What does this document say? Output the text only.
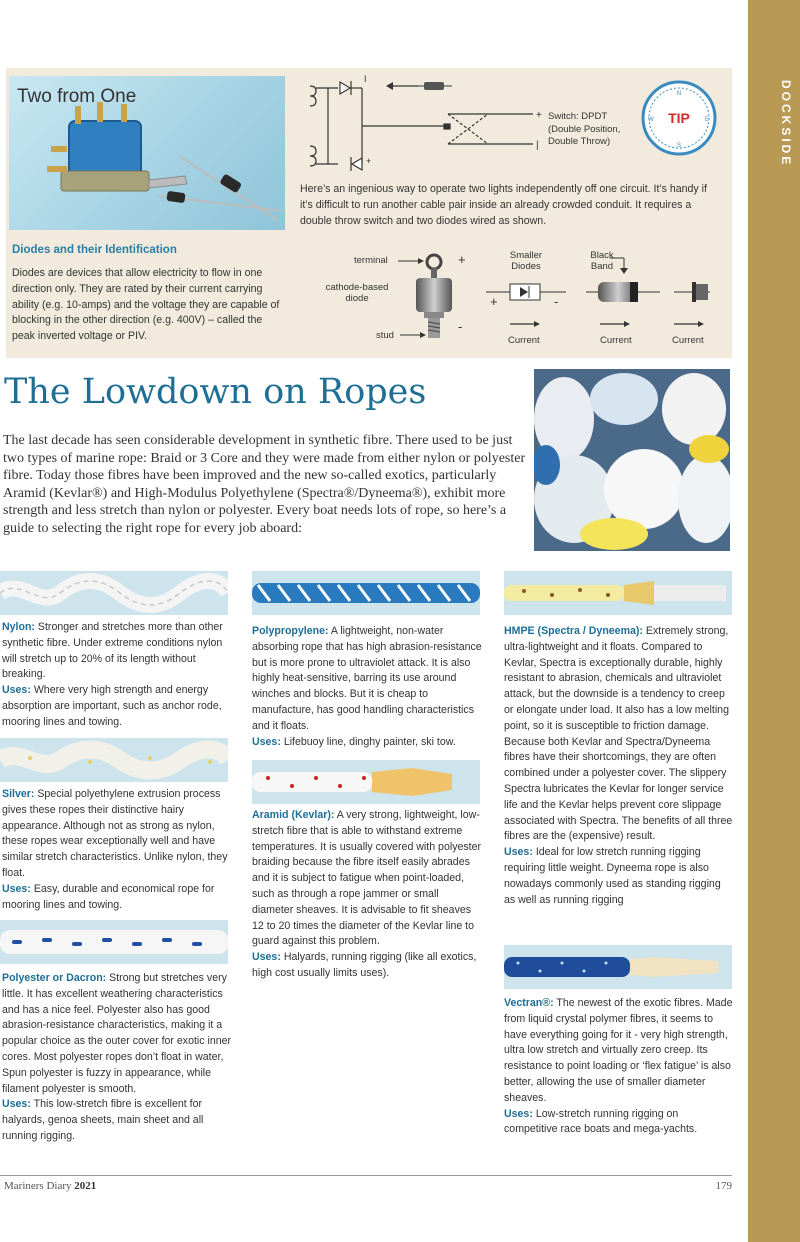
DOCKSIDE
Two from One
I
+
+
|
Switch: DPDT (Double Position, Double Throw)
TIP
N
E
S
W
Here’s an ingenious way to operate two lights independently off one circuit. It’s handy if it’s difficult to run another cable pair inside an already crowded conduit. It requires a double throw switch and two diodes wired as shown.
Diodes and their Identification
Diodes are devices that allow electricity to flow in one direction only. They are rated by their current carrying ability (e.g. 10-amps) and the voltage they are capable of blocking in the other direction (e.g. 400V) – called the peak inverted voltage or PIV.
terminal	+
cathode-based diode
stud
-
Smaller Diodes
Black Band
+	-
Current	Current	Current
The Lowdown on Ropes
The last decade has seen considerable development in synthetic fibre. There used to be just two types of marine rope: Braid or 3 Core and they were made from either nylon or polyester fibre. Today those fibres have been improved and the new so-called exotics, particularly Aramid (Kevlar®) and High-Modulus Polyethylene (Spectra®/Dyneema®), exhibit more strength and less stretch than nylon or polyester. Every boat needs lots of rope, so here’s a guide to selecting the right rope for every job aboard:

Nylon: Stronger and stretches more than other synthetic fibre. Under extreme conditions nylon will stretch up to 20% of its length without breaking.

Uses: Where very high strength and energy absorption are important, such as anchor rode, mooring lines and towing.

Silver: Special polyethylene extrusion process gives these ropes their distinctive hairy appearance. Although not as strong as nylon, these ropes wear exceptionally well and have similar stretch characteristics. Unlike nylon, they float.

Uses: Easy, durable and economical rope for mooring lines and towing.

Polyester or Dacron: Strong but stretches very little. It has excellent weathering characteristics and has a nice feel. Polyester also has good abrasion-resistance characteristics, making it a popular choice as the outer cover for exotic inner cores. Most polyester ropes don’t float in water, Spun polyester is fuzzy in appearance, while filament polyester is smooth.

Uses: This low-stretch fibre is excellent for halyards, genoa sheets, main sheet and all running rigging.

Polypropylene: A lightweight, non-water absorbing rope that has high abrasion-resistance but is more prone to ultraviolet attack. It is also highly heat-sensitive, barring its use around winches and blocks. But it is cheap to manufacture, has good handling characteristics and it floats.

Uses: Lifebuoy line, dinghy painter, ski tow.

Aramid (Kevlar): A very strong, lightweight, low-stretch fibre that is able to withstand extreme temperatures. It is usually covered with polyester braiding because the fibre itself easily abrades and it is subject to fatigue when point-loaded, such as through a rope jammer or small diameter sheaves. It is advisable to fit sheaves 12 to 20 times the diameter of the Kevlar line to guard against this problem.

Uses: Halyards, running rigging (like all exotics, high cost usually limits uses).

HMPE (Spectra / Dyneema): Extremely strong, ultra-lightweight and it floats. Compared to Kevlar, Spectra is exceptionally durable, highly resistant to abrasion, chemicals and ultraviolet attack, but the downside is a tendency to creep or elongate under load. It also has a low melting point, so it is susceptible to friction damage. Because both Kevlar and Spectra/Dyneema fibres have their shortcomings, they are often combined under a polyester cover. The slippery Spectra lubricates the Kevlar for longer service life and the Kevlar helps prevent core slippage associated with Spectra. The benefits of all three fibres are the (expensive) result.

Uses: Ideal for low stretch running rigging requiring little weight. Dyneema rope is also nowadays commonly used as standing rigging as well as running rigging

Vectran®: The newest of the exotic fibres. Made from liquid crystal polymer fibres, it seems to have everything going for it - very high strength, ultra low stretch and virtually zero creep. Its resistance to point loading or ‘flex fatigue’ is also better, allowing the use of smaller diameter sheaves.

Uses: Low-stretch running rigging on competitive race boats and mega-yachts.

Mariners Diary 2021	179
